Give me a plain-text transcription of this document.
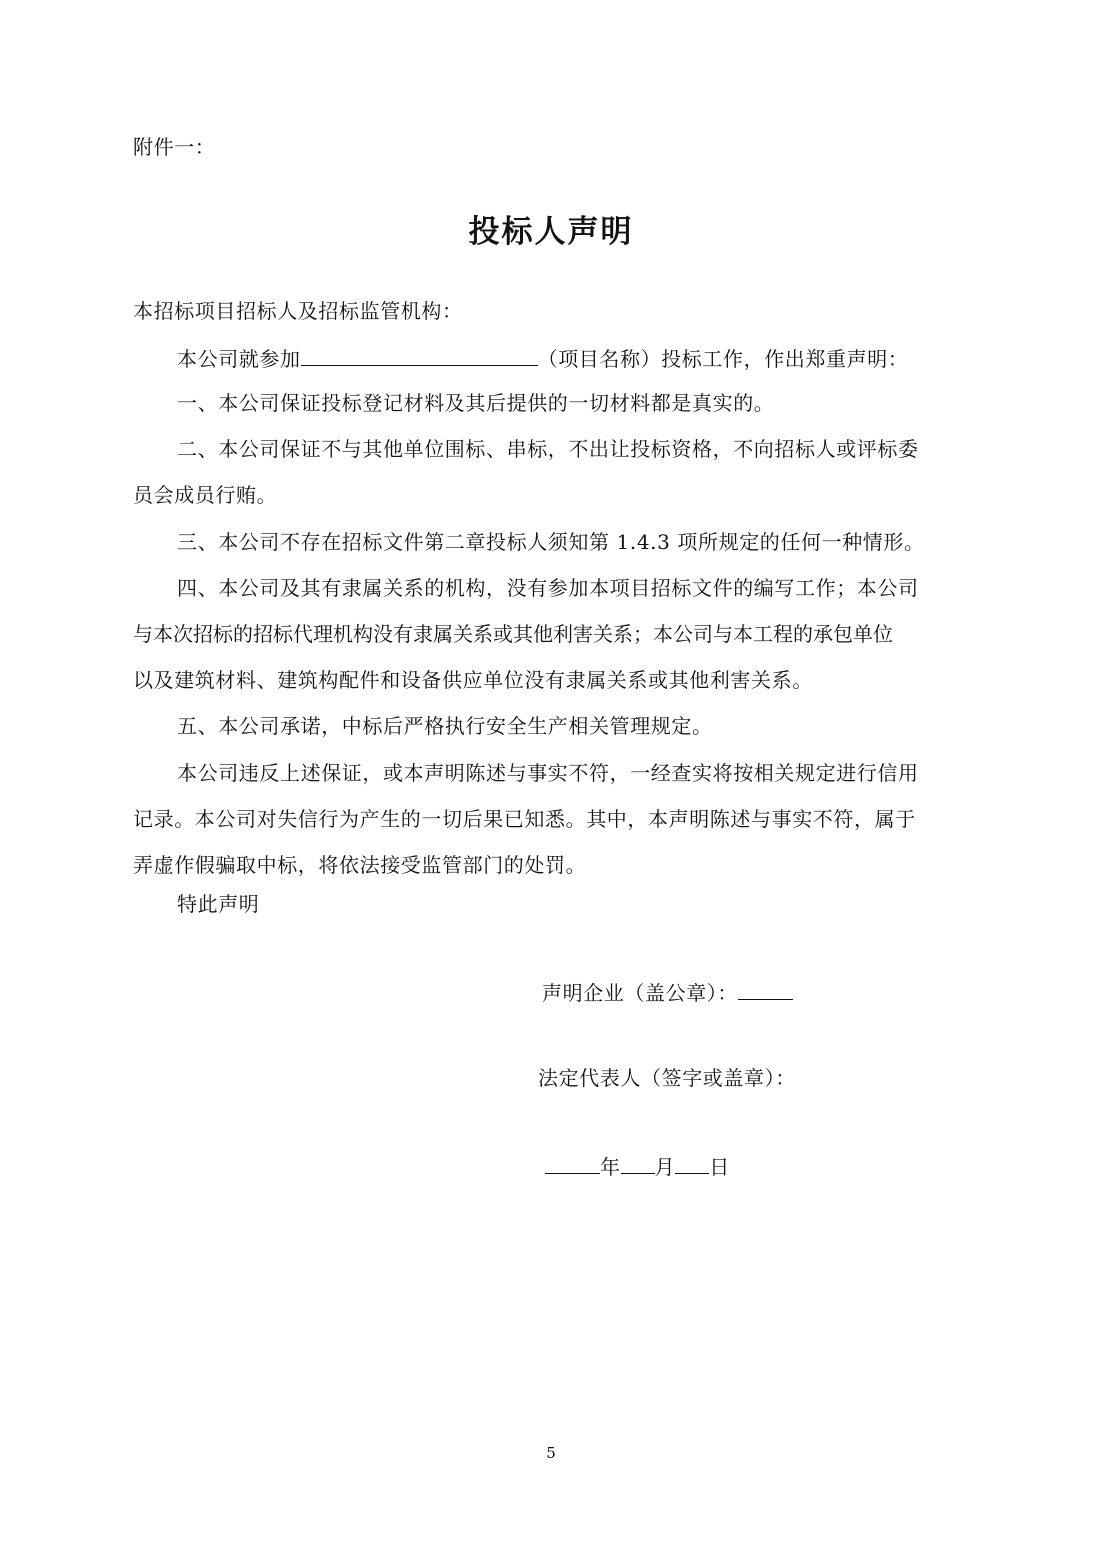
附件一：
投标人声明
本招标项目招标人及招标监管机构：
本公司就参加	（项目名称）投标工作，作出郑重声明：
一、本公司保证投标登记材料及其后提供的一切材料都是真实的。
二、本公司保证不与其他单位围标、串标，不出让投标资格，不向招标人或评标委
员会成员行贿。
三、本公司不存在招标文件第二章投标人须知第 1.4.3 项所规定的任何一种情形。
四、本公司及其有隶属关系的机构，没有参加本项目招标文件的编写工作；本公司
与本次招标的招标代理机构没有隶属关系或其他利害关系；本公司与本工程的承包单位
以及建筑材料、建筑构配件和设备供应单位没有隶属关系或其他利害关系。
五、本公司承诺，中标后严格执行安全生产相关管理规定。
本公司违反上述保证，或本声明陈述与事实不符，一经查实将按相关规定进行信用
记录。本公司对失信行为产生的一切后果已知悉。其中，本声明陈述与事实不符，属于
弄虚作假骗取中标，将依法接受监管部门的处罚。
特此声明
声明企业（盖公章）：
法定代表人（签字或盖章）：
年 月 日
5
